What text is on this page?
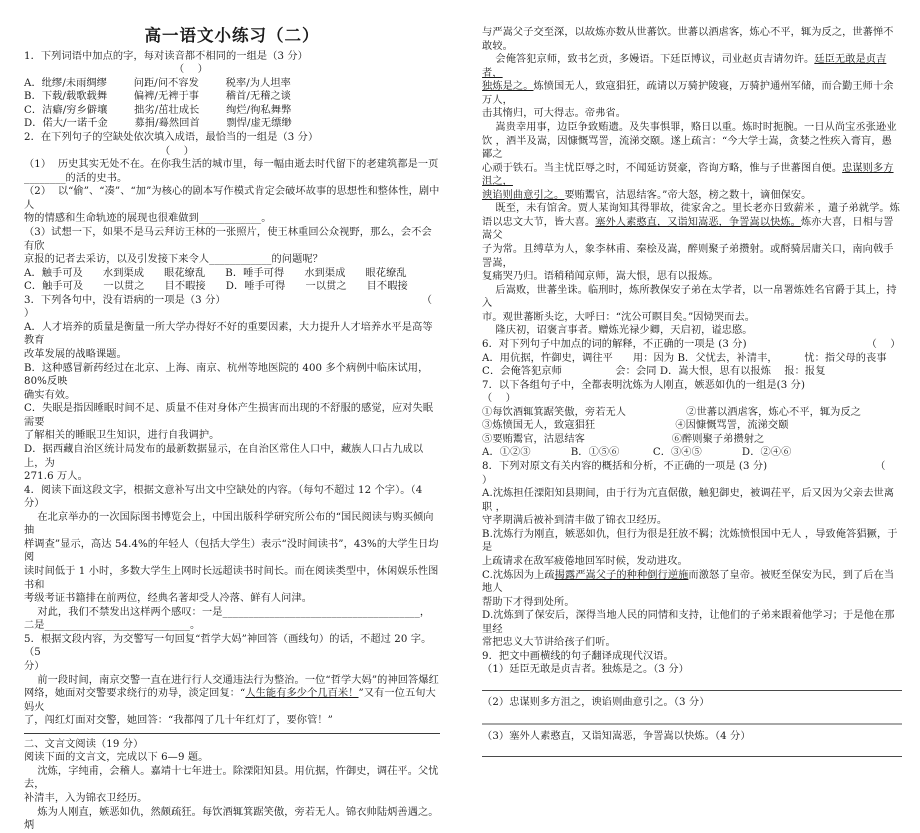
高一语文小练习（二）

1．下列词语中加点的字，每对读音都不相同的一组是（3 分）（    ）

A．纰缪/未雨绸缪        问距/问不容发        税率/为人坦率

B．下载/载歌载舞        偏裨/无裨于事        稽首/无稽之谈

C．洁癖/穷乡僻壤        拙劣/茁壮成长        绚烂/徇私舞弊

D．偌大/一诺千金        募捐/蓦然回首        剽悍/虚无缥缈

2．在下列句子的空缺处依次填入成语，最恰当的一组是（3 分）（    ）

（1）  历史其实无处不在。在你我生活的城市里，每一幅由逝去时代留下的老建筑都是一页

________的活的史书。

（2）  以“偷”、“凑”、“加”为核心的剧本写作模式肯定会破坏故事的思想性和整体性，剧中人

物的情感和生命轨迹的展现也很难做到____________。

（3）试想一下，如果不是马云拜访王林的一张照片，使王林重回公众视野，那么，会不会有欣

京报的记者去采访，以及引发接下来令人____________的问题呢？

A．触手可及      水到渠成      眼花缭乱      B．唾手可得      水到渠成      眼花缭乱

C．触手可及      一以贯之      目不暇接      D．唾手可得      一以贯之      目不暇接

3．下列各句中，没有语病的一项是（3 分）	（    ）

A．人才培养的质量是衡量一所大学办得好不好的重要因素，大力提升人才培养水平是高等教育

改革发展的战略课题。

B．这种感冒新药经过在北京、上海、南京、杭州等地医院的 400 多个病例中临床试用，80%反映

确实有效。

C．失眠是指因睡眠时间不足、质量不佳对身体产生损害而出现的不舒服的感觉，应对失眠需要

了解相关的睡眠卫生知识，进行自我调护。

D．据西藏自治区统计局发布的最新数据显示，在自治区常住人口中，藏族人口占九成以上，为

271.6 万人。

4．阅读下面这段文字，根据文意补写出文中空缺处的内容。（每句不超过 12 个字）。（4 分）

在北京举办的一次国际图书博览会上，中国出版科学研究所公布的“国民阅读与购买倾向抽

样调查”显示，高达 54.4%的年轻人（包括大学生）表示“没时间读书”，43%的大学生日均阅

读时间低于 1 小时，多数大学生上网时长远超读书时间长。而在阅读类型中，休闲娱乐性图书和

考级考证书籍排在前两位，经典名著却受人冷落、鲜有人问津。

对此，我们不禁发出这样两个感叹：一是______________________________________，

二是____________________________。

5．根据文段内容，为交警写一句回复“哲学大妈”神回答（画线句）的话，不超过 20 字。（5

分）

前一段时间，南京交警一直在进行行人交通违法行为整治。一位“哲学大妈”的神回答爆红

网络，她面对交警要求绕行的劝导，淡定回复：“人生能有多少个几百米！”又有一位五旬大妈火

了，闯红灯面对交警，她回答：“我都闯了几十年红灯了，要你管！”

二、文言文阅读（19 分）

阅读下面的文言文，完成以下 6—9 题。

沈炼，字纯甫，会稽人。嘉靖十七年进士。除溧阳知县。用伉据，忤御史，调茌平。父忧去，

补清丰，入为锦衣卫经历。

炼为人刚直，嫉恶如仇，然颇疏狂。每饮酒辄箕踞笑傲，旁若无人。锦衣帅陆炳善遇之。炳

与严嵩父子交至深，以故炼亦数从世蕃饮。世蕃以酒虐客，炼心不平，辄为反之，世蕃惮不敢较。

会俺答犯京师，致书乞贡，多嫚语。下廷臣博议，司业赵贞吉请勿许。廷臣无敢是贞吉者，

独炼是之。炼愤国无人，致寇猖狂，疏请以万骑护陵寝，万骑护通州军储，而合勤王师十余万人，

击其惰归，可大得志。帝弗省。

嵩贵幸用事，边臣争致贿遗。及失事惧罪，赂日以重。炼时时扼腕。一日从尚宝丞张逊业

饮 ，酒半及嵩，因慷慨骂詈，流涕交颐。遂上疏言：“今大学士嵩，贪婪之性疾入膏肓，愚鄙之

心顽于铁石。当主忧臣辱之时，不闻延访贤豪，咨询方略，惟与子世蕃图自便。忠谋则多方沮之，

谀谄则曲意引之。要贿鬻官，沽恩结客。”帝大怒，榜之数十，谪佃保安。

既至，未有馆舍。贾人某询知其得罪故，徙家舍之。里长老亦日致薪米 ，遣子弟就学。炼

语以忠文大节，皆大喜。塞外人素憨直，又诣知嵩恶，争詈嵩以快炼。炼亦大喜，日相与詈嵩父

子为常。且缚草为人，象李林甫、秦桧及嵩，醉则聚子弟攒射。或酹骑居庸关口，南向戟手詈嵩，

复痛哭乃归。语稍稍闻京师，嵩大恨，思有以报炼。

后嵩败，世蕃坐诛。临刑时，炼所教保安子弟在太学者，以一帛署炼姓名官爵于其上，持入

市。观世蕃断头讫，大呼曰：“沈公可瞑目矣。”因恸哭而去。

隆庆初，诏褒言事者。赠炼光禄少卿，天启初，谥忠愍。

6．对下列句子中加点的词的解释，不正确的一项是 (3 分)	（    ）

A．用伉据，忤御史，调往平      用：因为 B．父忧去，补清丰，        忧：指父母的丧事

C．会俺答犯京师                会：会同 D．嵩大恨，思有以报炼    报：报复

7．以下各组句子中，全都表明沈炼为人刚直，嫉恶如仇的一组是(3 分)（    ）

①每饮酒辄箕踞笑傲，旁若无人                  ②世蕃以酒虐客，炼心不平，辄为反之

③炼愤国无人，致寇猖狂                        ④因慷慨骂詈，流涕交颐

⑤要贿鬻官，沽恩结客                          ⑥醉则聚子弟攒射之

A．①②③            B．①⑤⑥          C．③④⑤            D．②④⑥

8．下列对原文有关内容的概括和分析，不正确的一项是 (3 分)	（    ）

A.沈炼担任溧阳知县期间，由于行为亢直倨傲，触犯御史，被调茌平，后又因为父亲去世离职 ，

守孝期满后被补到清丰做了锦衣卫经历。

B.沈炼行为刚直，嫉恶如仇，但行为很是狂放不羁；沈炼愤恨国中无人 ，导致俺答猖獗，于是

上疏请求在敌军疲倦地回军时候，发动进攻。

C.沈炼因为上疏揭露严嵩父子的种种倒行逆施而激怒了皇帝。被贬至保安为民，到了后在当地人

帮助下才得到处所。

D.沈炼到了保安后，深得当地人民的同情和支持，让他们的子弟来跟着他学习；于是他在那里经

常把忠义大节讲给孩子们听。

9．把文中画横线的句子翻译成现代汉语。

（1）廷臣无敢是贞吉者。独炼是之。（3 分）

（2）忠谋则多方沮之，谀谄则曲意引之。（3 分）

（3）塞外人素憨直，又诣知嵩恶，争詈嵩以快炼。（4 分）
